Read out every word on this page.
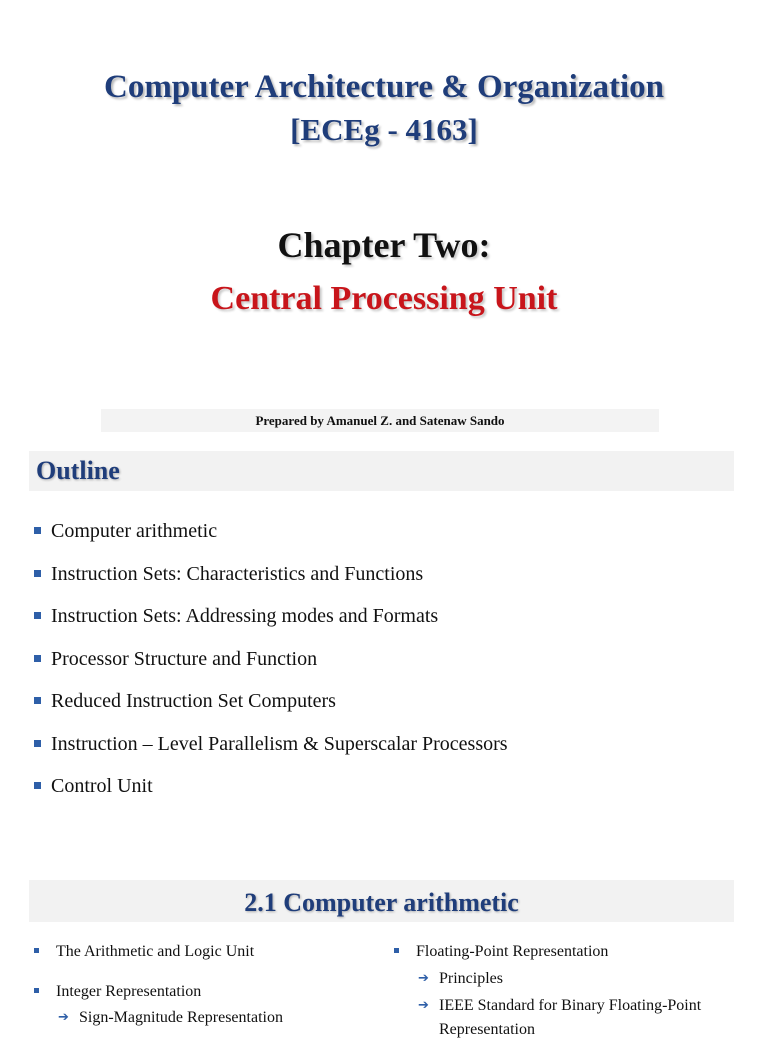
Computer Architecture & Organization
[ECEg - 4163]
Chapter Two:
Central Processing Unit
Prepared by Amanuel Z. and Satenaw Sando
Outline
Computer arithmetic
Instruction Sets: Characteristics and Functions
Instruction Sets: Addressing modes and Formats
Processor Structure and Function
Reduced Instruction Set Computers
Instruction – Level Parallelism & Superscalar Processors
Control Unit
2.1 Computer arithmetic
The Arithmetic and Logic Unit
Integer Representation
➔ Sign-Magnitude Representation
Floating-Point Representation
➔ Principles
➔ IEEE Standard for Binary Floating-Point
Representation
